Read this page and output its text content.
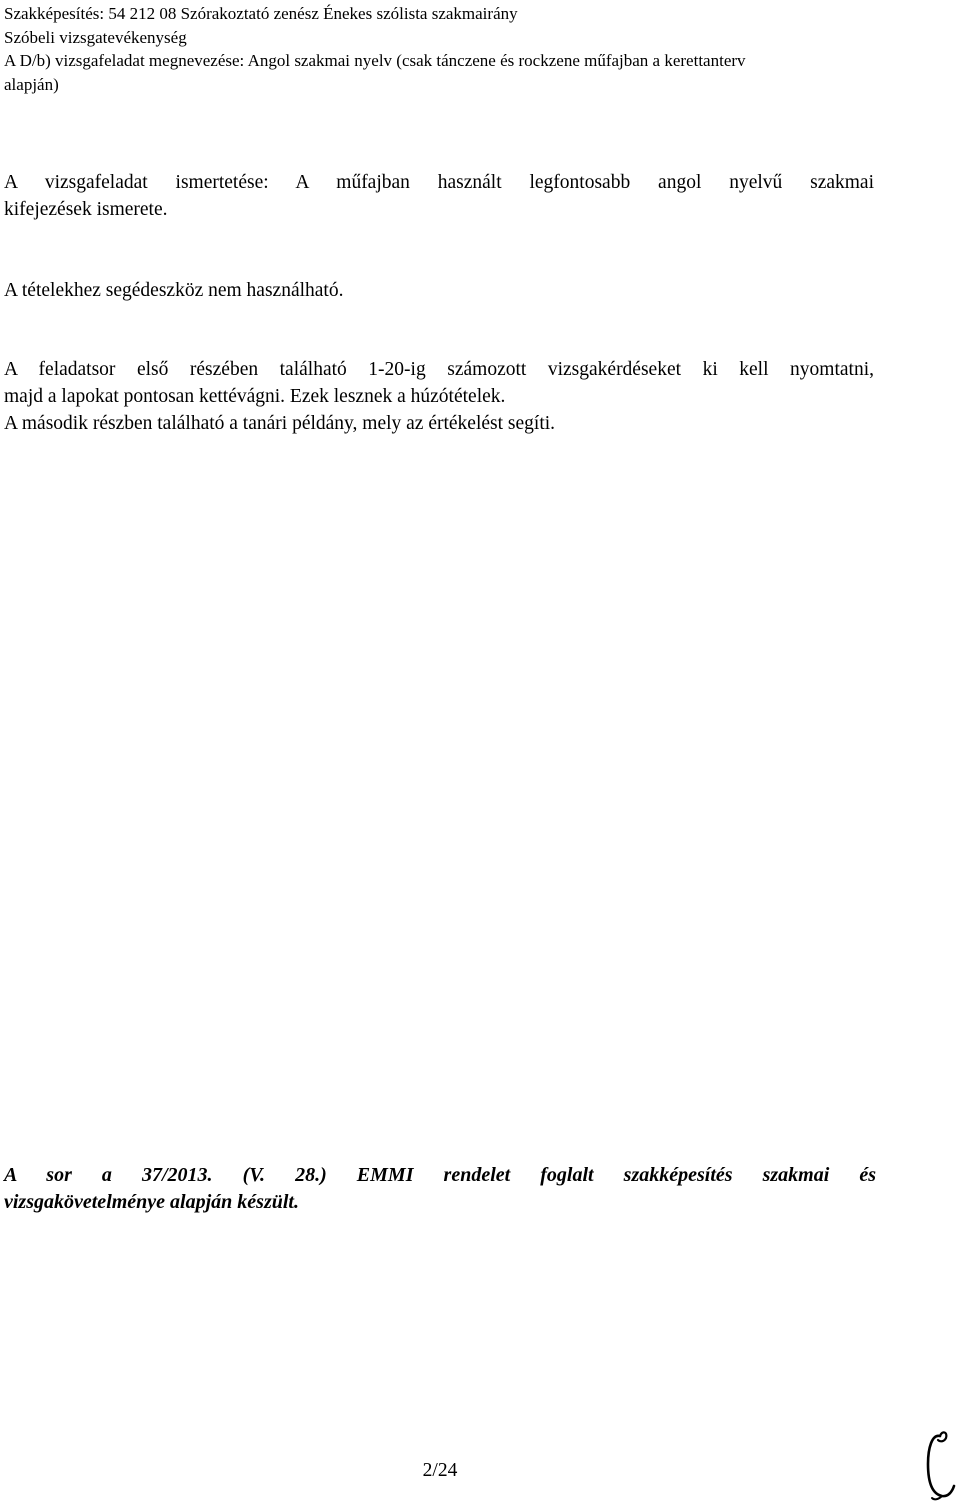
Szakképesítés: 54 212 08 Szórakoztató zenész Énekes szólista szakmairány
Szóbeli vizsgatevékenység
A D/b) vizsgafeladat megnevezése: Angol szakmai nyelv (csak tánczene és rockzene műfajban a kerettanterv
alapján)
A vizsgafeladat ismertetése: A műfajban használt legfontosabb angol nyelvű szakmai
kifejezések ismerete.
A tételekhez segédeszköz nem használható.
A feladatsor első részében található 1-20-ig számozott vizsgakérdéseket ki kell nyomtatni,
majd a lapokat pontosan kettévágni. Ezek lesznek a húzótételek.
A második részben található a tanári példány, mely az értékelést segíti.
A sor a 37/2013. (V. 28.) EMMI rendelet foglalt szakképesítés szakmai és
vizsgakövetelménye alapján készült.
2/24
